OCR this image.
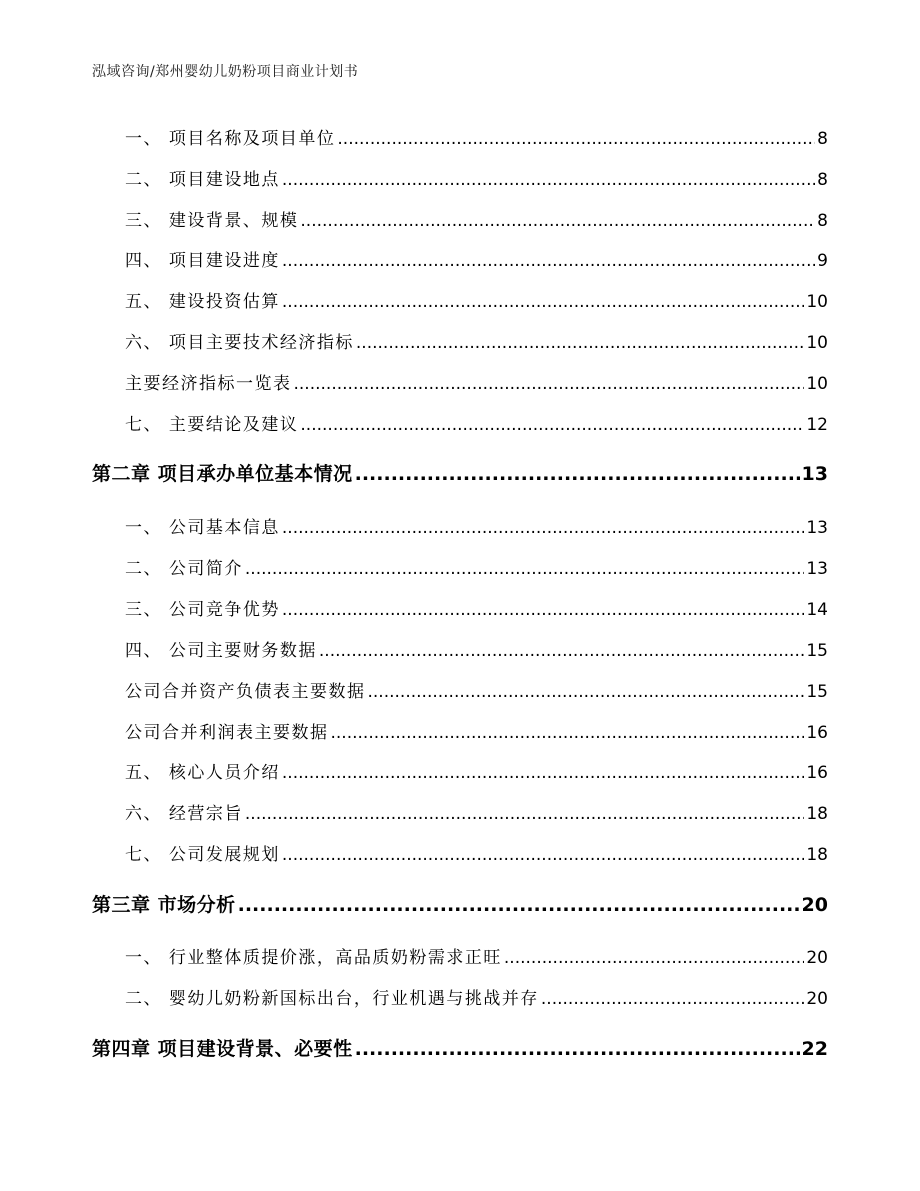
泓域咨询/郑州婴幼儿奶粉项目商业计划书
一、 项目名称及项目单位 .....	8
二、 项目建设地点 .....	8
三、 建设背景、规模 .....	8
四、 项目建设进度 .....	9
五、 建设投资估算 .....	10
六、 项目主要技术经济指标 .....	10
主要经济指标一览表 .....	10
七、 主要结论及建议 .....	12
第二章 项目承办单位基本情况 .....	13
一、 公司基本信息 .....	13
二、 公司简介 .....	13
三、 公司竞争优势 .....	14
四、 公司主要财务数据 .....	15
公司合并资产负债表主要数据 .....	15
公司合并利润表主要数据 .....	16
五、 核心人员介绍 .....	16
六、 经营宗旨 .....	18
七、 公司发展规划 .....	18
第三章 市场分析 .....	20
一、 行业整体质提价涨，高品质奶粉需求正旺 .....	20
二、 婴幼儿奶粉新国标出台，行业机遇与挑战并存 .....	20
第四章 项目建设背景、必要性 .....	22
